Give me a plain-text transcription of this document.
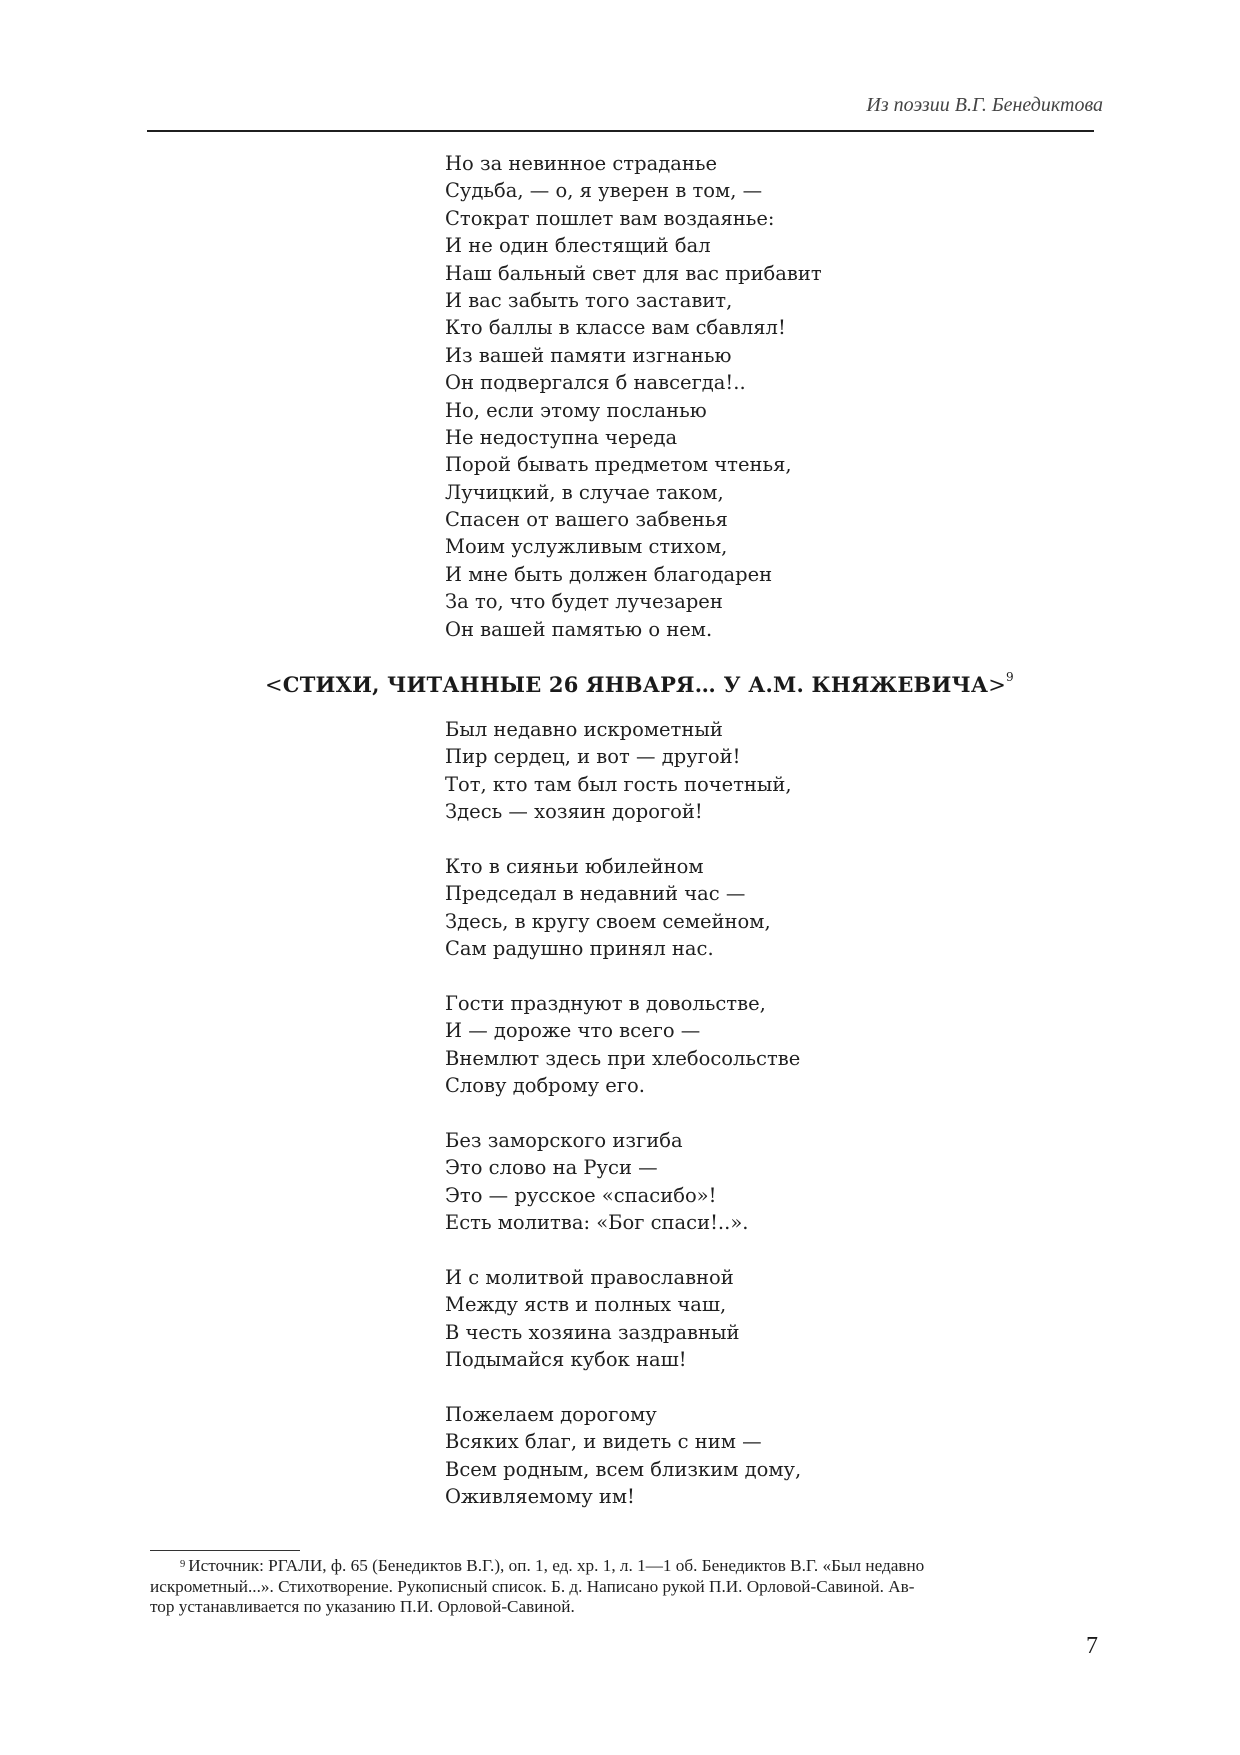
Из поэзии В.Г. Бенедиктова
Но за невинное страданье
Судьба, — о, я уверен в том, —
Стократ пошлет вам воздаянье:
И не один блестящий бал
Наш бальный свет для вас прибавит
И вас забыть того заставит,
Кто баллы в классе вам сбавлял!
Из вашей памяти изгнанью
Он подвергался б навсегда!..
Но, если этому посланью
Не недоступна череда
Порой бывать предметом чтенья,
Лучицкий, в случае таком,
Спасен от вашего забвенья
Моим услужливым стихом,
И мне быть должен благодарен
За то, что будет лучезарен
Он вашей памятью о нем.
<СТИХИ, ЧИТАННЫЕ 26 ЯНВАРЯ… У А.М. КНЯЖЕВИЧА>$^9$
Был недавно искрометный
Пир сердец, и вот — другой!
Тот, кто там был гость почетный,
Здесь — хозяин дорогой!
Кто в сияньи юбилейном
Председал в недавний час —
Здесь, в кругу своем семейном,
Сам радушно принял нас.
Гости празднуют в довольстве,
И — дороже что всего —
Внемлют здесь при хлебосольстве
Слову доброму его.
Без заморского изгиба
Это слово на Руси —
Это — русское «спасибо»!
Есть молитва: «Бог спаси!..».
И с молитвой православной
Между яств и полных чаш,
В честь хозяина заздравный
Подымайся кубок наш!
Пожелаем дорогому
Всяких благ, и видеть с ним —
Всем родным, всем близким дому,
Оживляемому им!
$^9$ Источник: РГАЛИ, ф. 65 (Бенедиктов В.Г.), оп. 1, ед. хр. 1, л. 1—1 об. Бенедиктов В.Г. «Был недавно
искрометный...». Стихотворение. Рукописный список. Б. д. Написано рукой П.И. Орловой-Савиной. Ав-
тор устанавливается по указанию П.И. Орловой-Савиной.
7
